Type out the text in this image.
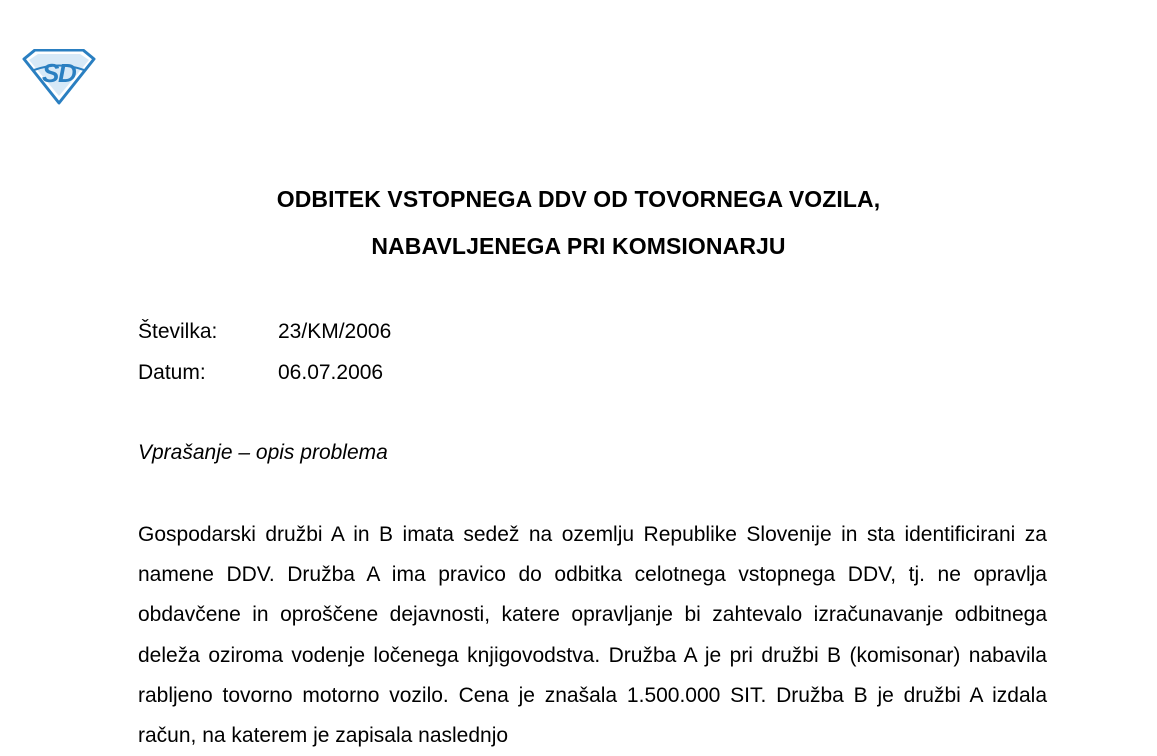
S
D
ODBITEK VSTOPNEGA DDV OD TOVORNEGA VOZILA,
NABAVLJENEGA PRI KOMSIONARJU
Številka:	23/KM/2006
Datum:	06.07.2006
Vprašanje – opis problema
Gospodarski družbi A in B imata sedež na ozemlju Republike Slovenije in sta identificirani za namene DDV. Družba A ima pravico do odbitka celotnega vstopnega DDV, tj. ne opravlja obdavčene in oproščene dejavnosti, katere opravljanje bi zahtevalo izračunavanje odbitnega deleža oziroma vodenje ločenega knjigovodstva. Družba A je pri družbi B (komisonar) nabavila rabljeno tovorno motorno vozilo. Cena je znašala 1.500.000 SIT. Družba B je družbi A izdala račun, na katerem je zapisala naslednjo
